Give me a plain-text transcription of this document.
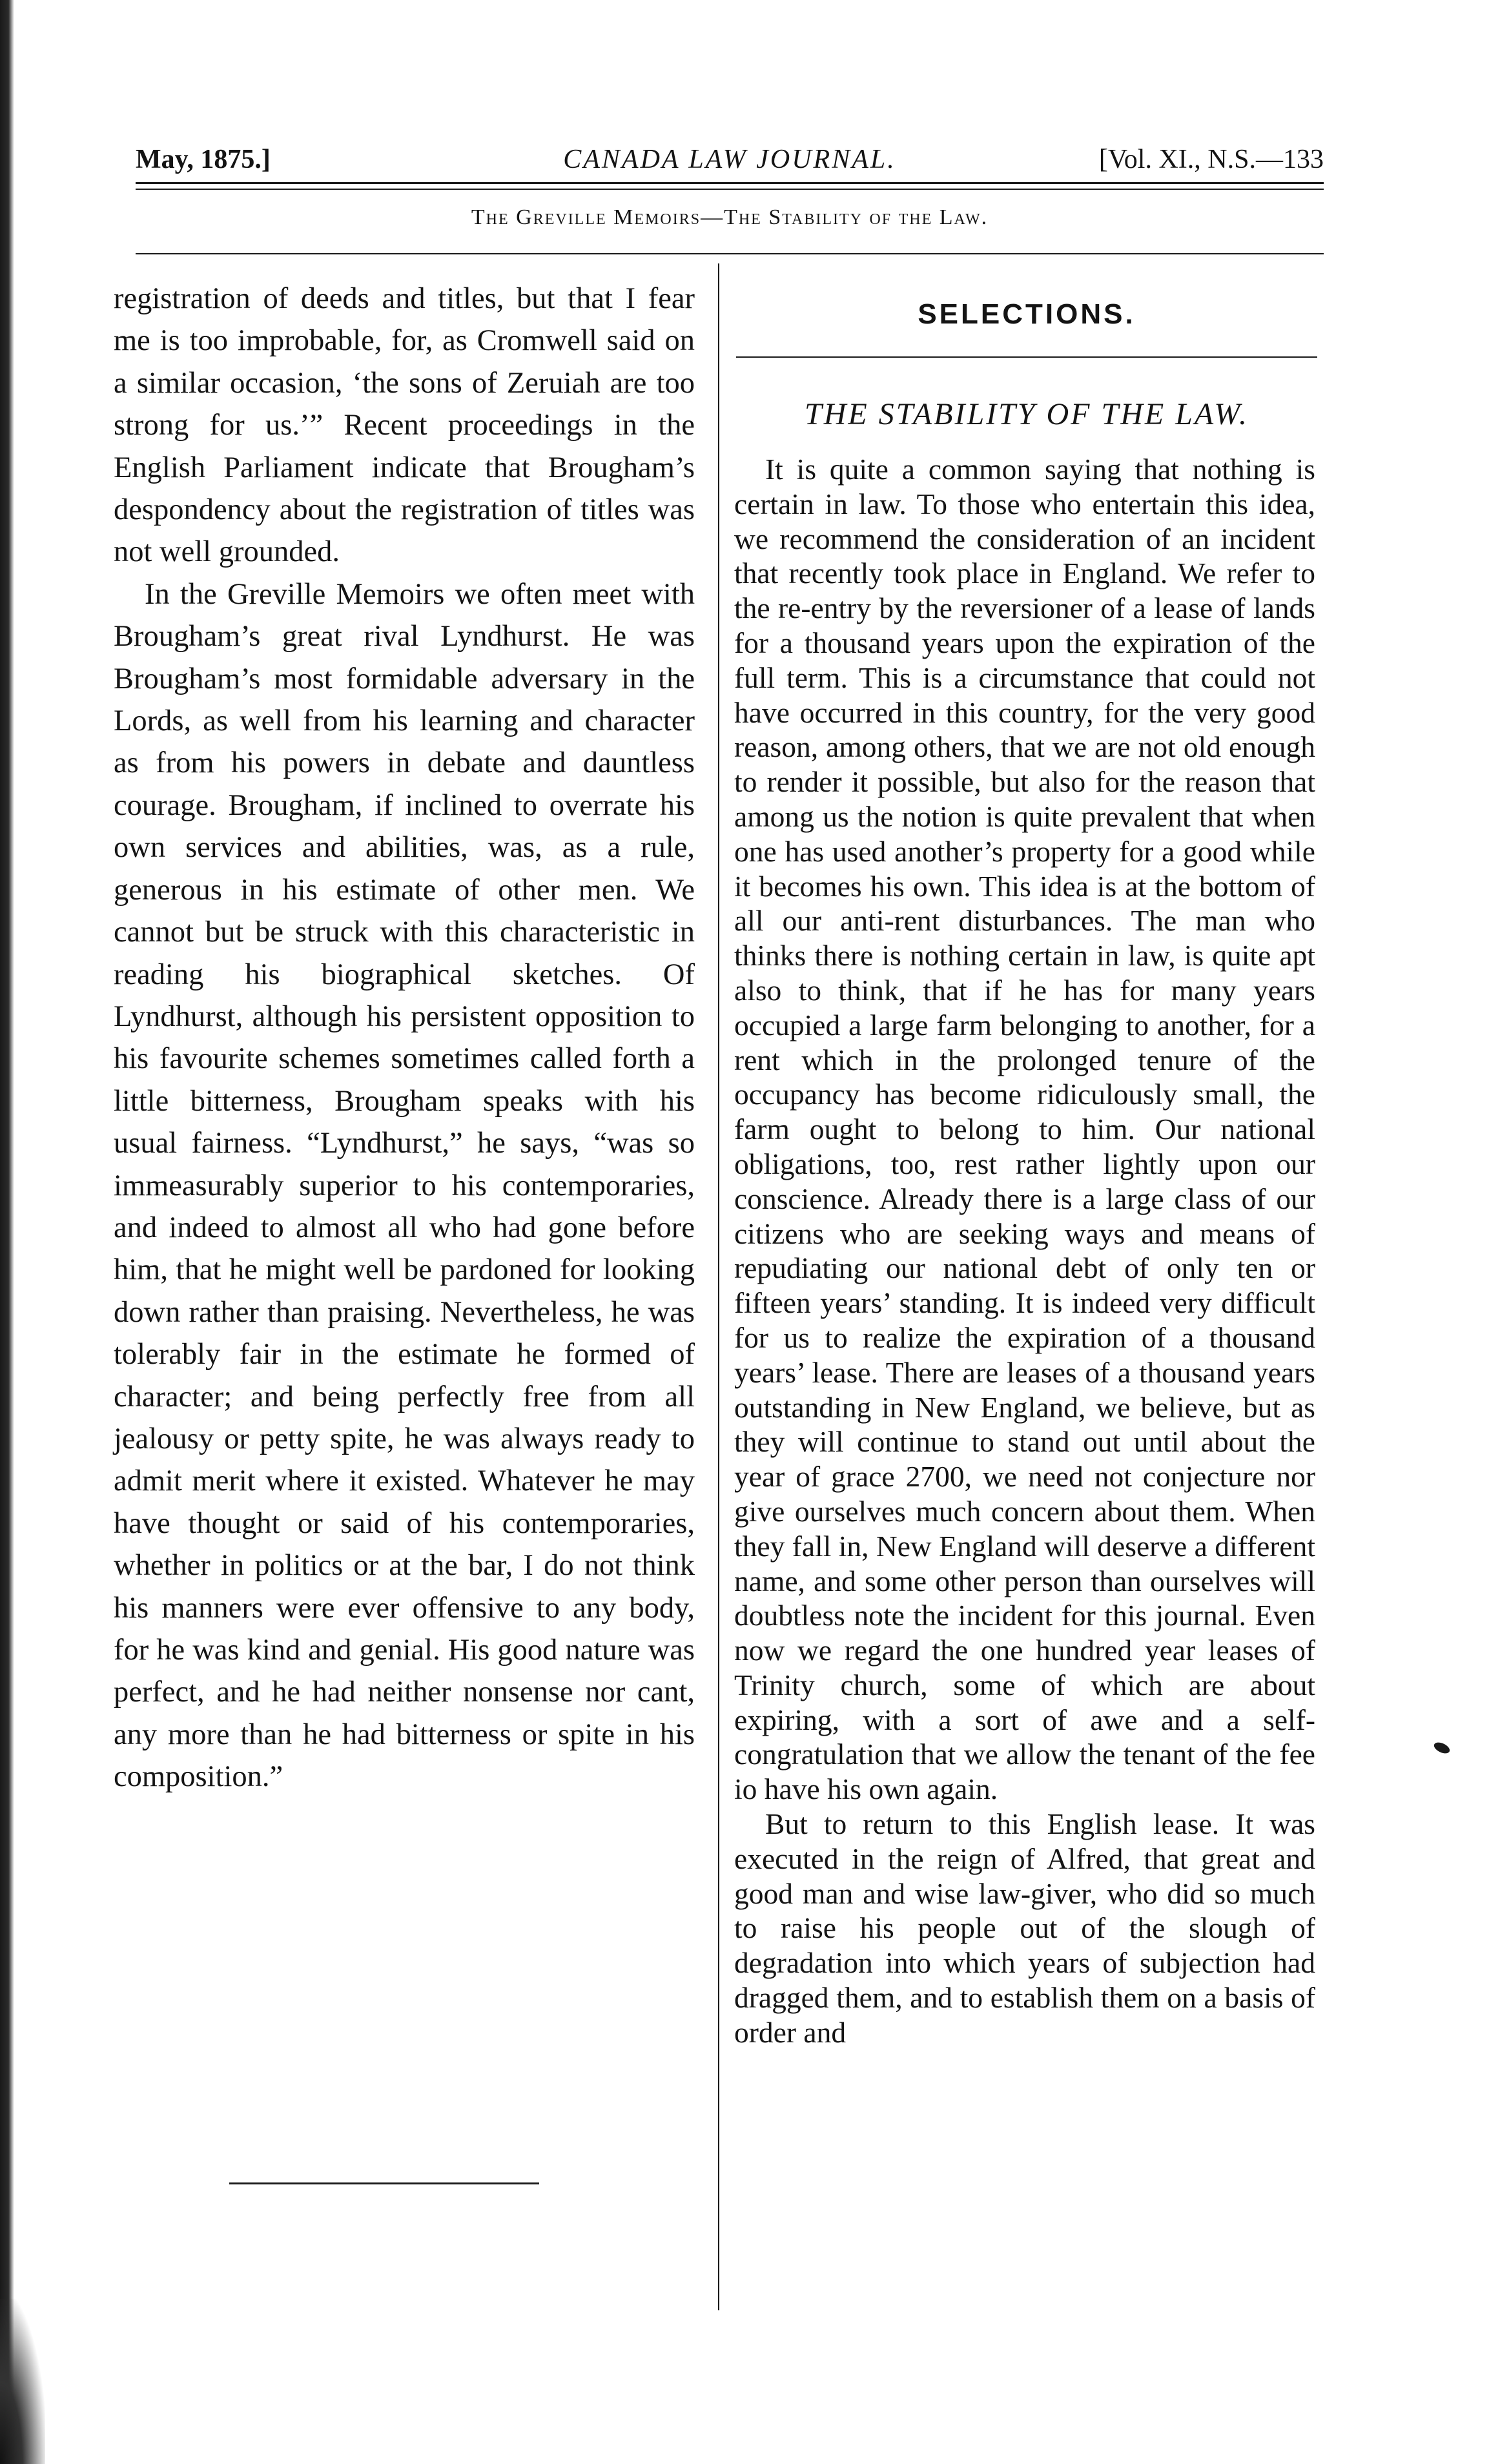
May, 1875.]	CANADA LAW JOURNAL.	[Vol. XI., N.S.—133
The Greville Memoirs—The Stability of the Law.

registration of deeds and titles, but that I fear me is too improbable, for, as Cromwell said on a similar occasion, ‘the sons of Zeruiah are too strong for us.’” Recent proceedings in the English Parliament indicate that Brougham’s despondency about the registration of titles was not well grounded.

In the Greville Memoirs we often meet with Brougham’s great rival Lyndhurst. He was Brougham’s most formidable adversary in the Lords, as well from his learning and character as from his powers in debate and dauntless courage. Brougham, if inclined to overrate his own services and abilities, was, as a rule, generous in his estimate of other men. We cannot but be struck with this characteristic in reading his biographical sketches. Of Lyndhurst, although his persistent opposition to his favourite schemes sometimes called forth a little bitterness, Brougham speaks with his usual fairness. “Lyndhurst,” he says, “was so immeasurably superior to his contemporaries, and indeed to almost all who had gone before him, that he might well be pardoned for looking down rather than praising. Nevertheless, he was tolerably fair in the estimate he formed of character; and being perfectly free from all jealousy or petty spite, he was always ready to admit merit where it existed. Whatever he may have thought or said of his contemporaries, whether in politics or at the bar, I do not think his manners were ever offensive to any body, for he was kind and genial. His good nature was perfect, and he had neither nonsense nor cant, any more than he had bitterness or spite in his composition.”

SELECTIONS.
THE STABILITY OF THE LAW.

It is quite a common saying that nothing is certain in law. To those who entertain this idea, we recommend the consideration of an incident that recently took place in England. We refer to the re-entry by the reversioner of a lease of lands for a thousand years upon the expiration of the full term. This is a circumstance that could not have occurred in this country, for the very good reason, among others, that we are not old enough to render it possible, but also for the reason that among us the notion is quite prevalent that when one has used another’s property for a good while it becomes his own. This idea is at the bottom of all our anti-rent disturbances. The man who thinks there is nothing certain in law, is quite apt also to think, that if he has for many years occupied a large farm belonging to another, for a rent which in the prolonged tenure of the occupancy has become ridiculously small, the farm ought to belong to him. Our national obligations, too, rest rather lightly upon our conscience. Already there is a large class of our citizens who are seeking ways and means of repudiating our national debt of only ten or fifteen years’ standing. It is indeed very difficult for us to realize the expiration of a thousand years’ lease. There are leases of a thousand years outstanding in New England, we believe, but as they will continue to stand out until about the year of grace 2700, we need not conjecture nor give ourselves much concern about them. When they fall in, New England will deserve a different name, and some other person than ourselves will doubtless note the incident for this journal. Even now we regard the one hundred year leases of Trinity church, some of which are about expiring, with a sort of awe and a self-congratulation that we allow the tenant of the fee io have his own again.

But to return to this English lease. It was executed in the reign of Alfred, that great and good man and wise law-giver, who did so much to raise his people out of the slough of degradation into which years of subjection had dragged them, and to establish them on a basis of order and
